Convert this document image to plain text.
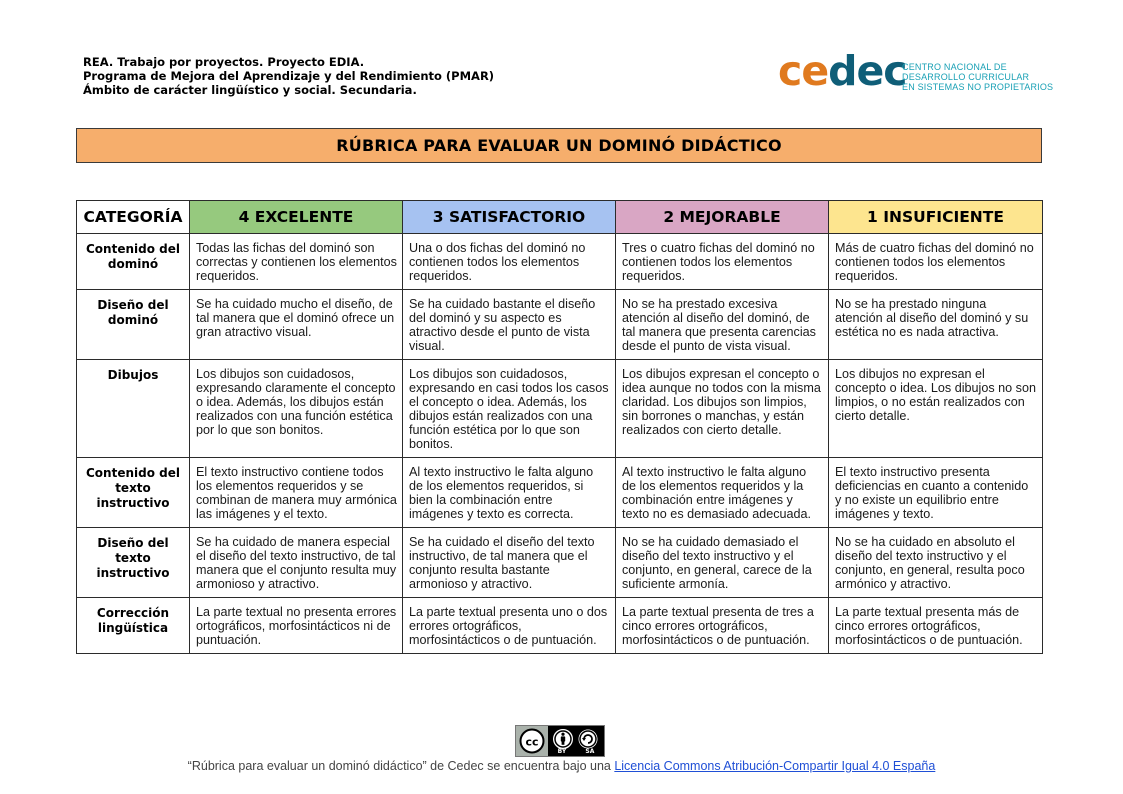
REA. Trabajo por proyectos. Proyecto EDIA.
Programa de Mejora del Aprendizaje y del Rendimiento (PMAR)
Ámbito de carácter lingüístico y social. Secundaria.	cedec
CENTRO NACIONAL DE
DESARROLLO CURRICULAR
EN SISTEMAS NO PROPIETARIOS
RÚBRICA PARA EVALUAR UN DOMINÓ DIDÁCTICO
CATEGORÍA	4 EXCELENTE	3 SATISFACTORIO	2 MEJORABLE	1 INSUFICIENTE
Contenido del dominó	Todas las fichas del dominó son correctas y contienen los elementos requeridos.	Una o dos fichas del dominó no contienen todos los elementos requeridos.	Tres o cuatro fichas del dominó no contienen todos los elementos requeridos.	Más de cuatro fichas del dominó no contienen todos los elementos requeridos.
Diseño del dominó	Se ha cuidado mucho el diseño, de tal manera que el dominó ofrece un gran atractivo visual.	Se ha cuidado bastante el diseño del dominó y su aspecto es atractivo desde el punto de vista visual.	No se ha prestado excesiva atención al diseño del dominó, de tal manera que presenta carencias desde el punto de vista visual.	No se ha prestado ninguna atención al diseño del dominó y su estética no es nada atractiva.
Dibujos	Los dibujos son cuidadosos, expresando claramente el concepto o idea. Además, los dibujos están realizados con una función estética por lo que son bonitos.	Los dibujos son cuidadosos, expresando en casi todos los casos el concepto o idea. Además, los dibujos están realizados con una función estética por lo que son bonitos.	Los dibujos expresan el concepto o idea aunque no todos con la misma claridad. Los dibujos son limpios, sin borrones o manchas, y están realizados con cierto detalle.	Los dibujos no expresan el concepto o idea. Los dibujos no son limpios, o no están realizados con cierto detalle.
Contenido del texto instructivo	El texto instructivo contiene todos los elementos requeridos y se combinan de manera muy armónica las imágenes y el texto.	Al texto instructivo le falta alguno de los elementos requeridos, si bien la combinación entre imágenes y texto es correcta.	Al texto instructivo le falta alguno de los elementos requeridos y la combinación entre imágenes y texto no es demasiado adecuada.	El texto instructivo presenta deficiencias en cuanto a contenido y no existe un equilibrio entre imágenes y texto.
Diseño del texto instructivo	Se ha cuidado de manera especial el diseño del texto instructivo, de tal manera que el conjunto resulta muy armonioso y atractivo.	Se ha cuidado el diseño del texto instructivo, de tal manera que el conjunto resulta bastante armonioso y atractivo.	No se ha cuidado demasiado el diseño del texto instructivo y el conjunto, en general, carece de la suficiente armonía.	No se ha cuidado en absoluto el diseño del texto instructivo y el conjunto, en general, resulta poco armónico y atractivo.
Corrección lingüística	La parte textual no presenta errores ortográficos, morfosintácticos ni de puntuación.	La parte textual presenta uno o dos errores ortográficos, morfosintácticos o de puntuación.	La parte textual presenta de tres a cinco errores ortográficos, morfosintácticos o de puntuación.	La parte textual presenta más de cinco errores ortográficos, morfosintácticos o de puntuación.
cc
BY	SA
“Rúbrica para evaluar un dominó didáctico” de Cedec se encuentra bajo una Licencia Commons Atribución-Compartir Igual 4.0 España
